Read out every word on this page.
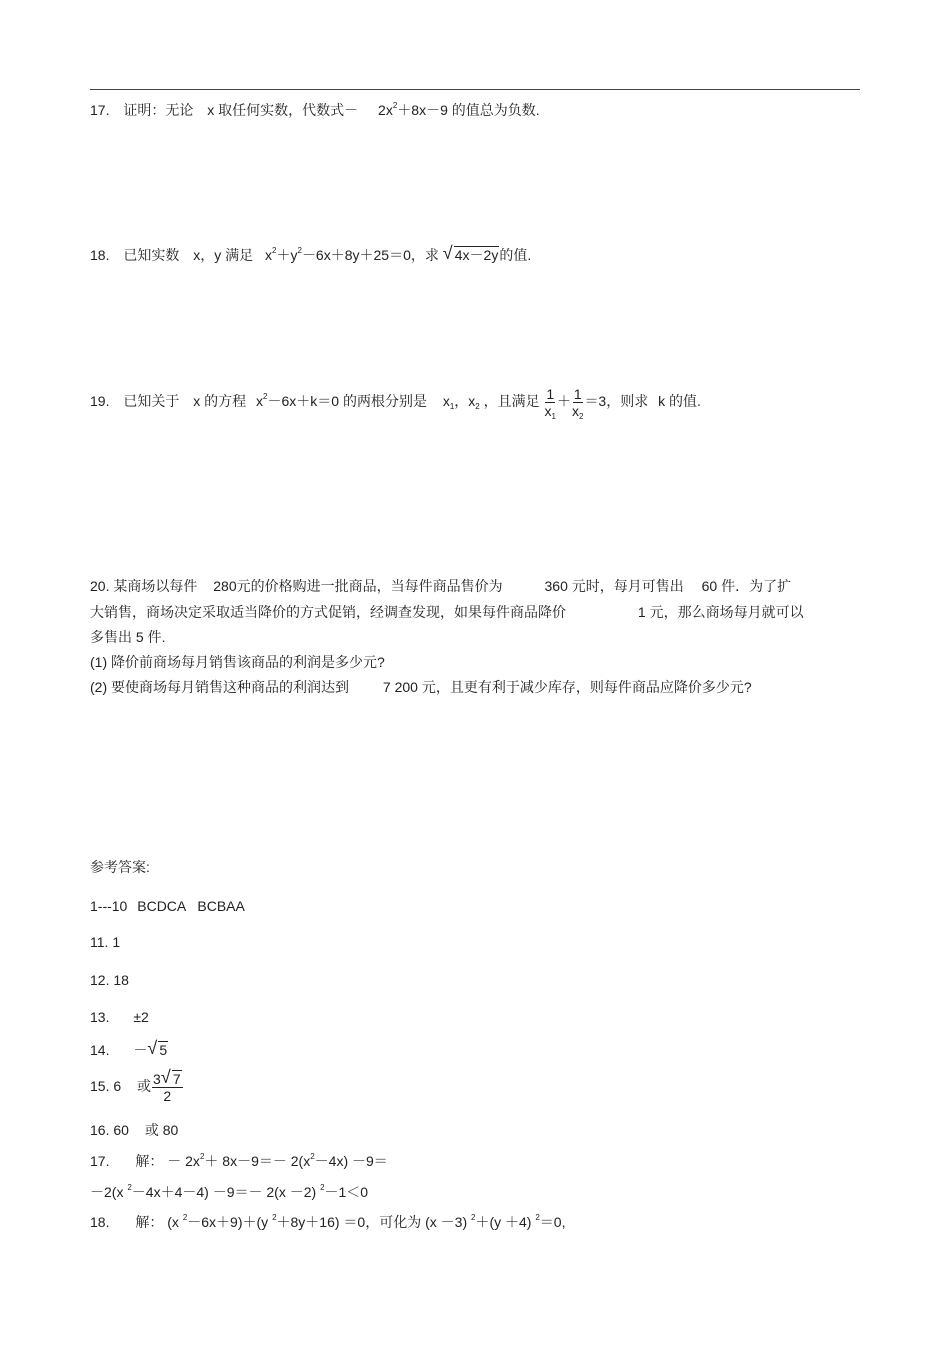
17. 证明：无论 x 取任何实数，代数式－ $2x^2+8x-9$ 的值总为负数.
18. 已知实数 x，y 满足 $x^2+y^2-6x+8y+25=0$，求 √ 4x－2y的值.
19. 已知关于 x 的方程 $x^2-6x+k=0$ 的两根分别是 $x_1$，$x_2$ ，且满足 $\frac{1}{x_1} + \frac{1}{x_2} =3$，则求 k 的值.
20. 某商场以每件 280元的价格购进一批商品，当每件商品售价为	360 元时，每月可售出 60 件．为了扩
大销售，商场决定采取适当降价的方式促销，经调查发现，如果每件商品降价	1 元，那么商场每月就可以
多售出 5 件.
(1) 降价前商场每月销售该商品的利润是多少元?
(2) 要使商场每月销售这种商品的利润达到 7 200 元，且更有利于减少库存，则每件商品应降价多少元?
参考答案:
1---10 BCDCA BCBAA
11. 1
12. 18
13. ±2
14. － √ 5
15. 6 或 $\frac{3 √ 7}{2}$
16. 60 或 80
17. 解： － $2x^2+ 8x-9=- 2(x^2-4x) -9=$
－2(x $^2$－4x＋4－4) －9＝－ 2(x －2) $^2$－1＜0
18. 解： (x $^2$－6x＋9)＋(y $^2$＋8y＋16) ＝0，可化为 (x －3) $^2$＋(y ＋4) $^2$＝0,
